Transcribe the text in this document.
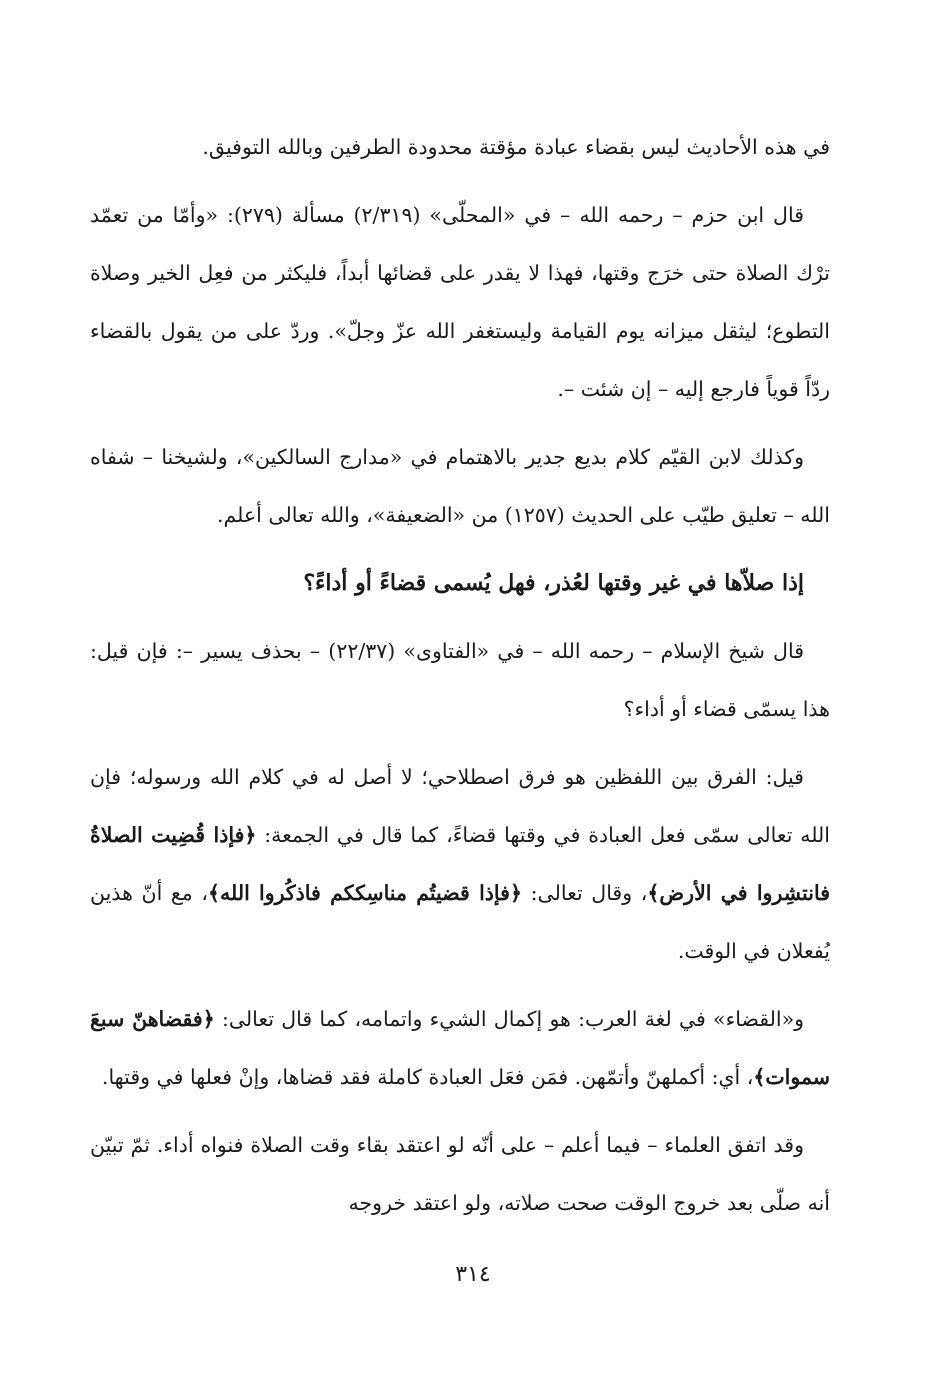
في هذه الأحاديث ليس بقضاء عبادة مؤقتة محدودة الطرفين وبالله التوفيق.

قال ابن حزم – رحمه الله – في «المحلّى» (٢/٣١٩) مسألة (٢٧٩): «وأمّا من تعمّد ترْك الصلاة حتى خرَج وقتها، فهذا لا يقدر على قضائها أبداً، فليكثر من فعِل الخير وصلاة التطوع؛ ليثقل ميزانه يوم القيامة وليستغفر الله عزّ وجلّ». وردّ على من يقول بالقضاء ردّاً قوياً فارجع إليه – إن شئت –.

وكذلك لابن القيّم كلام بديع جدير بالاهتمام في «مدارج السالكين»، ولشيخنا – شفاه الله – تعليق طيّب على الحديث (١٢٥٧) من «الضعيفة»، والله تعالى أعلم.

إذا صلاّها في غير وقتها لعُذر، فهل يُسمى قضاءً أو أداءً؟

قال شيخ الإسلام – رحمه الله – في «الفتاوى» (٢٢/٣٧) – بحذف يسير –: فإن قيل: هذا يسمّى قضاء أو أداء؟

قيل: الفرق بين اللفظين هو فرق اصطلاحي؛ لا أصل له في كلام الله ورسوله؛ فإن الله تعالى سمّى فعل العبادة في وقتها قضاءً، كما قال في الجمعة: ﴿فإذا قُضِيت الصلاةُ فانتشِروا في الأرض﴾، وقال تعالى: ﴿فإذا قضيتُم مناسِككم فاذكُروا الله﴾، مع أنّ هذين يُفعلان في الوقت.

و«القضاء» في لغة العرب: هو إكمال الشيء واتمامه، كما قال تعالى: ﴿فقضاهنّ سبعَ سموات﴾، أي: أكملهنّ وأتمّهن. فمَن فعَل العبادة كاملة فقد قضاها، وإنْ فعلها في وقتها.

وقد اتفق العلماء – فيما أعلم – على أنّه لو اعتقد بقاء وقت الصلاة فنواه أداء. ثمّ تبيّن أنه صلّى بعد خروج الوقت صحت صلاته، ولو اعتقد خروجه

٣١٤
